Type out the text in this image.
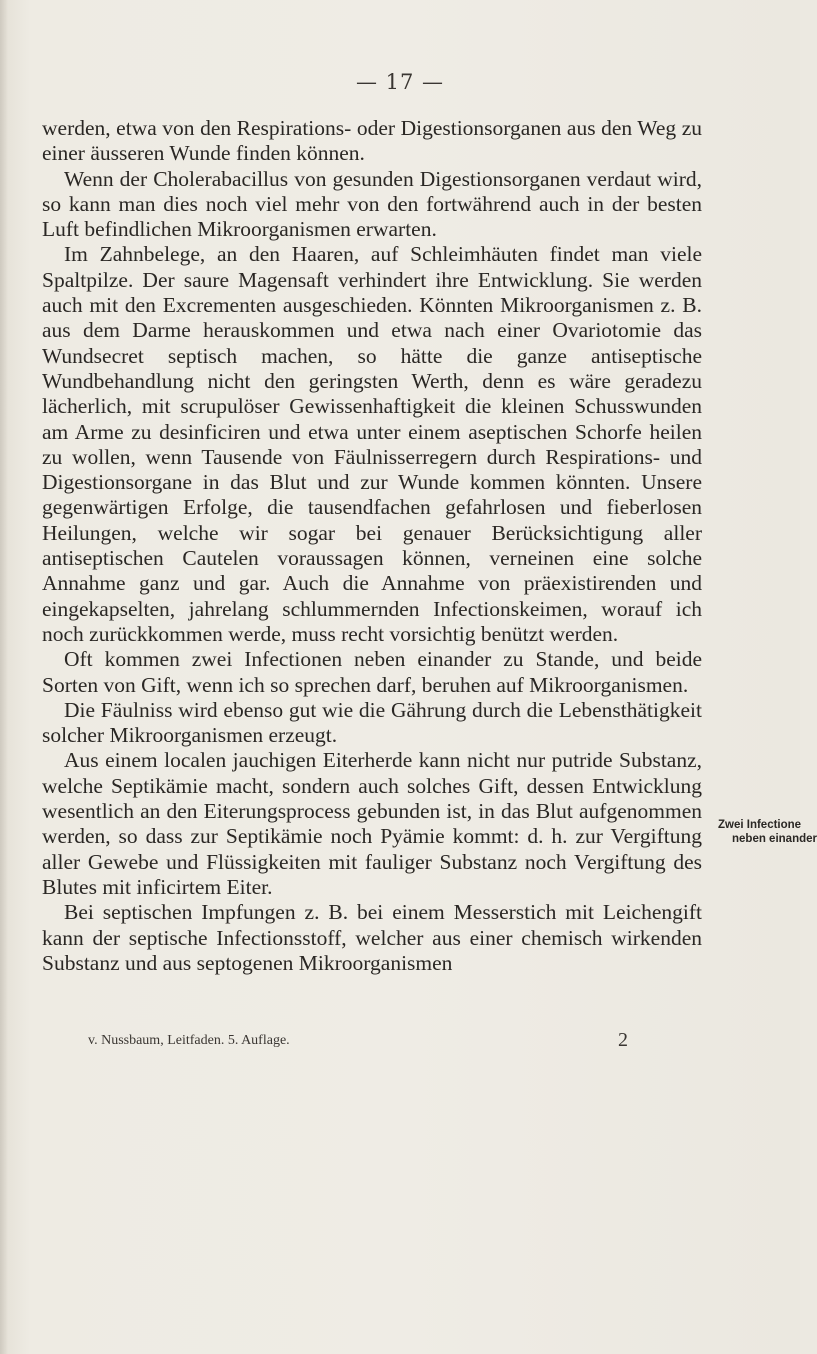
— 17 —

werden, etwa von den Respirations- oder Digestionsorganen aus den Weg zu einer äusseren Wunde finden können.

Wenn der Cholerabacillus von gesunden Digestionsorganen verdaut wird, so kann man dies noch viel mehr von den fortwährend auch in der besten Luft befindlichen Mikroorganismen erwarten.

Im Zahnbelege, an den Haaren, auf Schleimhäuten findet man viele Spaltpilze. Der saure Magensaft verhindert ihre Entwicklung. Sie werden auch mit den Excrementen ausgeschieden. Könnten Mikroorganismen z. B. aus dem Darme herauskommen und etwa nach einer Ovariotomie das Wundsecret septisch machen, so hätte die ganze antiseptische Wundbehandlung nicht den geringsten Werth, denn es wäre geradezu lächerlich, mit scrupulöser Gewissenhaftigkeit die kleinen Schusswunden am Arme zu desinficiren und etwa unter einem aseptischen Schorfe heilen zu wollen, wenn Tausende von Fäulnisserregern durch Respirations- und Digestionsorgane in das Blut und zur Wunde kommen könnten. Unsere gegenwärtigen Erfolge, die tausendfachen gefahrlosen und fieberlosen Heilungen, welche wir sogar bei genauer Berücksichtigung aller antiseptischen Cautelen voraussagen können, verneinen eine solche Annahme ganz und gar. Auch die Annahme von präexistirenden und eingekapselten, jahrelang schlummernden Infectionskeimen, worauf ich noch zurückkommen werde, muss recht vorsichtig benützt werden.

Oft kommen zwei Infectionen neben einander zu Stande, und beide Sorten von Gift, wenn ich so sprechen darf, beruhen auf Mikroorganismen.

Die Fäulniss wird ebenso gut wie die Gährung durch die Lebensthätigkeit solcher Mikroorganismen erzeugt.

Aus einem localen jauchigen Eiterherde kann nicht nur putride Substanz, welche Septikämie macht, sondern auch solches Gift, dessen Entwicklung wesentlich an den Eiterungsprocess gebunden ist, in das Blut aufgenommen werden, so dass zur Septikämie noch Pyämie kommt: d. h. zur Vergiftung aller Gewebe und Flüssigkeiten mit fauliger Substanz noch Vergiftung des Blutes mit inficirtem Eiter.

Bei septischen Impfungen z. B. bei einem Messerstich mit Leichengift kann der septische Infectionsstoff, welcher aus einer chemisch wirkenden Substanz und aus septogenen Mikroorganismen

Zwei Infectione
neben einander
v. Nussbaum, Leitfaden. 5. Auflage.	2
